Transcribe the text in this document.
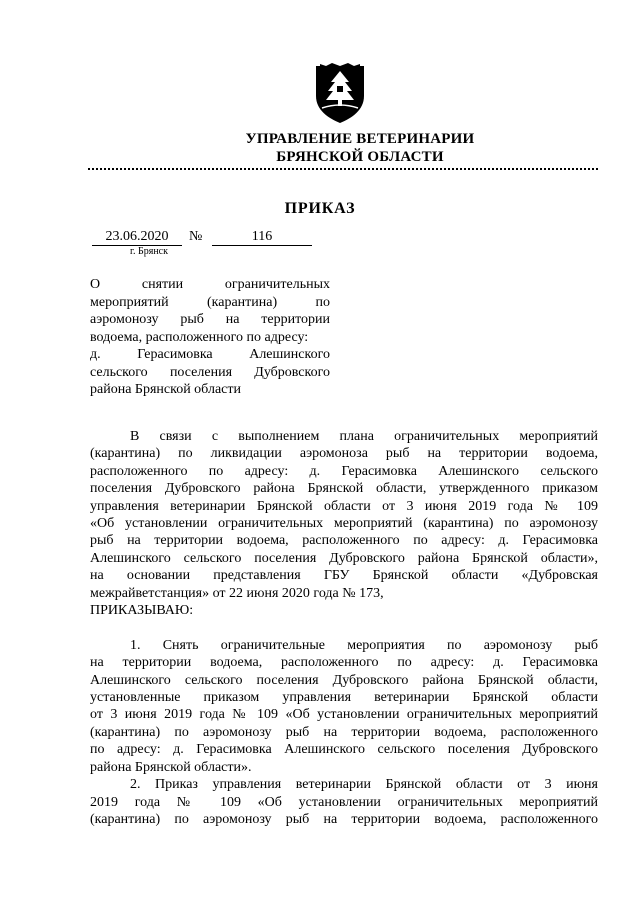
УПРАВЛЕНИЕ ВЕТЕРИНАРИИ
БРЯНСКОЙ ОБЛАСТИ
ПРИКАЗ
23.06.2020	№	116
г. Брянск
О снятии ограничительных
мероприятий (карантина) по
аэромонозу рыб на территории
водоема, расположенного по адресу:
д. Герасимовка Алешинского
сельского поселения Дубровского
района Брянской области
В связи с выполнением плана ограничительных мероприятий
(карантина) по ликвидации аэромоноза рыб на территории водоема,
расположенного по адресу: д. Герасимовка Алешинского сельского
поселения Дубровского района Брянской области, утвержденного приказом
управления ветеринарии Брянской области от 3 июня 2019 года № 109
«Об установлении ограничительных мероприятий (карантина) по аэромонозу
рыб на территории водоема, расположенного по адресу: д. Герасимовка
Алешинского сельского поселения Дубровского района Брянской области»,
на основании представления ГБУ Брянской области «Дубровская
межрайветстанция» от 22 июня 2020 года № 173,
ПРИКАЗЫВАЮ:
1. Снять ограничительные мероприятия по аэромонозу рыб
на территории водоема, расположенного по адресу: д. Герасимовка
Алешинского сельского поселения Дубровского района Брянской области,
установленные приказом управления ветеринарии Брянской области
от 3 июня 2019 года № 109 «Об установлении ограничительных мероприятий
(карантина) по аэромонозу рыб на территории водоема, расположенного
по адресу: д. Герасимовка Алешинского сельского поселения Дубровского
района Брянской области».
2. Приказ управления ветеринарии Брянской области от 3 июня
2019 года № 109 «Об установлении ограничительных мероприятий
(карантина) по аэромонозу рыб на территории водоема, расположенного
